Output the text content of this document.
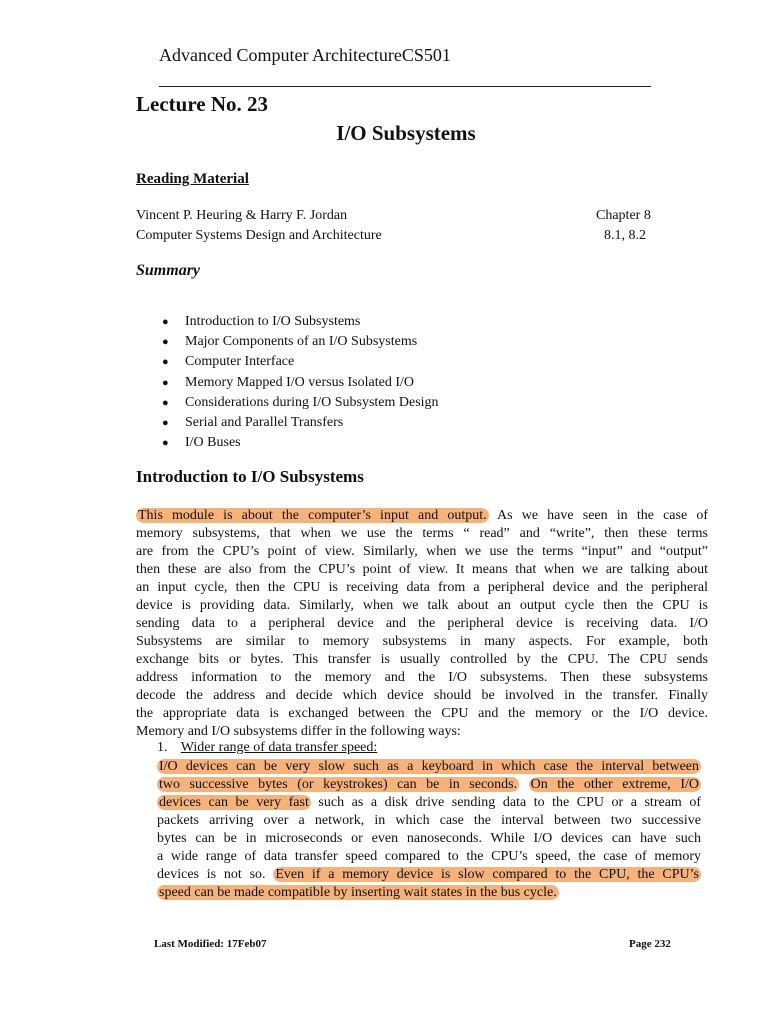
Advanced Computer ArchitectureCS501
Lecture No. 23
I/O Subsystems
Reading Material
Vincent P. Heuring & Harry F. Jordan
Computer Systems Design and Architecture
Chapter 8
8.1, 8.2
Summary
● Introduction to I/O Subsystems
● Major Components of an I/O Subsystems
● Computer Interface
● Memory Mapped I/O versus Isolated I/O
● Considerations during I/O Subsystem Design
● Serial and Parallel Transfers
● I/O Buses
Introduction to I/O Subsystems
This module is about the computer’s input and output. As we have seen in the case of
memory subsystems, that when we use the terms “ read” and “write”, then these terms
are from the CPU’s point of view. Similarly, when we use the terms “input” and “output”
then these are also from the CPU’s point of view. It means that when we are talking about
an input cycle, then the CPU is receiving data from a peripheral device and the peripheral
device is providing data. Similarly, when we talk about an output cycle then the CPU is
sending data to a peripheral device and the peripheral device is receiving data. I/O
Subsystems are similar to memory subsystems in many aspects. For example, both
exchange bits or bytes. This transfer is usually controlled by the CPU. The CPU sends
address information to the memory and the I/O subsystems. Then these subsystems
decode the address and decide which device should be involved in the transfer. Finally
the appropriate data is exchanged between the CPU and the memory or the I/O device.
Memory and I/O subsystems differ in the following ways:
1. Wider range of data transfer speed:
I/O devices can be very slow such as a keyboard in which case the interval between
two successive bytes (or keystrokes) can be in seconds. On the other extreme, I/O
devices can be very fast such as a disk drive sending data to the CPU or a stream of
packets arriving over a network, in which case the interval between two successive
bytes can be in microseconds or even nanoseconds. While I/O devices can have such
a wide range of data transfer speed compared to the CPU’s speed, the case of memory
devices is not so. Even if a memory device is slow compared to the CPU, the CPU’s
speed can be made compatible by inserting wait states in the bus cycle.
Last Modified: 17Feb07	Page 232
